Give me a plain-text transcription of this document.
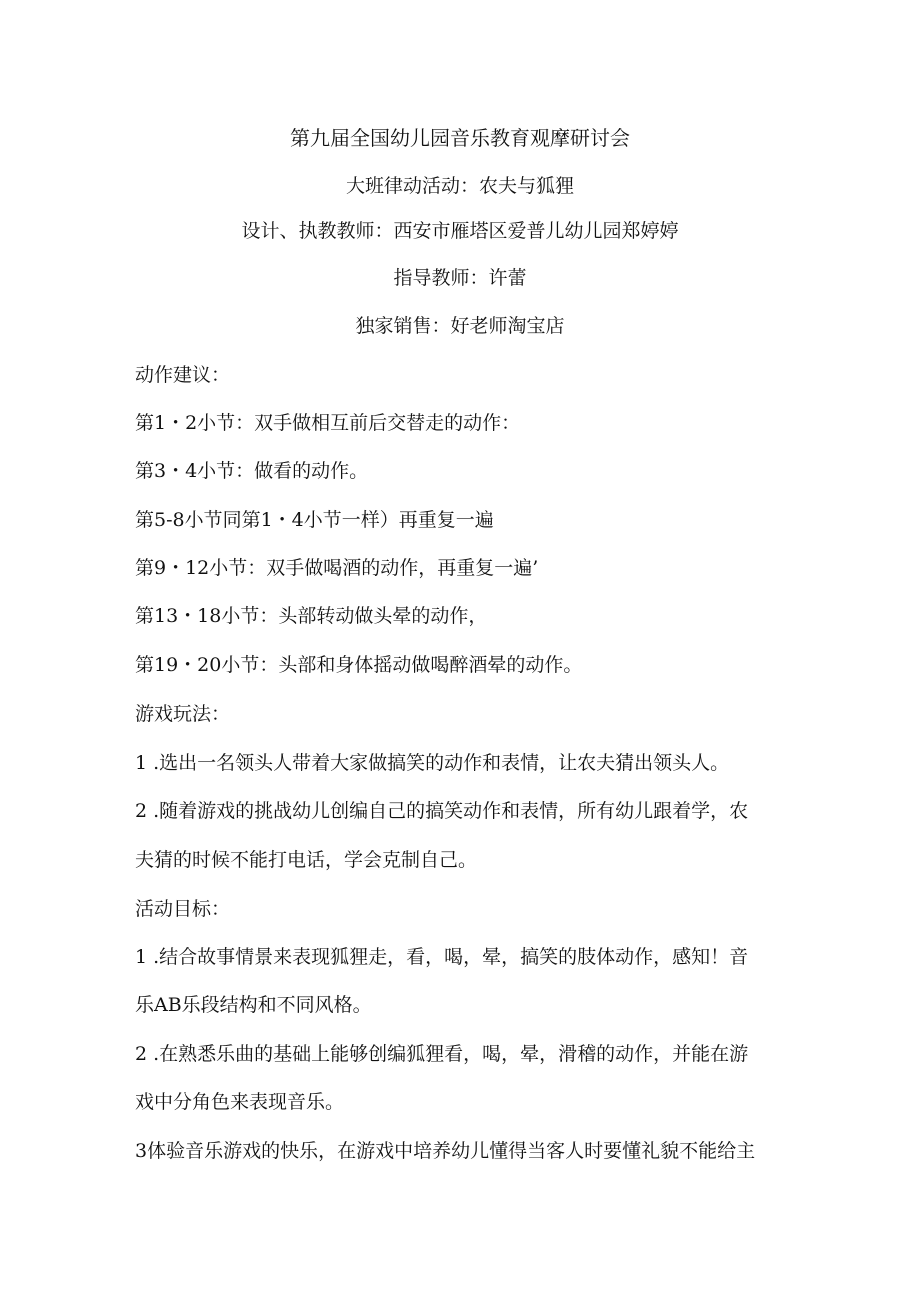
第九届全国幼儿园音乐教育观摩研讨会
大班律动活动：农夫与狐狸
设计、执教教师：西安市雁塔区爱普儿幼儿园郑婷婷
指导教师：许蕾
独家销售：好老师淘宝店
动作建议：
第1・2小节：双手做相互前后交替走的动作：
第3・4小节：做看的动作。
第5-8小节同第1・4小节一样）再重复一遍
第9・12小节：双手做喝酒的动作，再重复一遍’
第13・18小节：头部转动做头晕的动作，
第19・20小节：头部和身体摇动做喝醉酒晕的动作。
游戏玩法：
1 .选出一名领头人带着大家做搞笑的动作和表情，让农夫猜出领头人。
2 .随着游戏的挑战幼儿创编自己的搞笑动作和表情，所有幼儿跟着学，农
夫猜的时候不能打电话，学会克制自己。
活动目标：
1 .结合故事情景来表现狐狸走，看，喝，晕，搞笑的肢体动作，感知！音
乐AB乐段结构和不同风格。
2 .在熟悉乐曲的基础上能够创编狐狸看，喝，晕，滑稽的动作，并能在游
戏中分角色来表现音乐。
3体验音乐游戏的快乐，在游戏中培养幼儿懂得当客人时要懂礼貌不能给主
